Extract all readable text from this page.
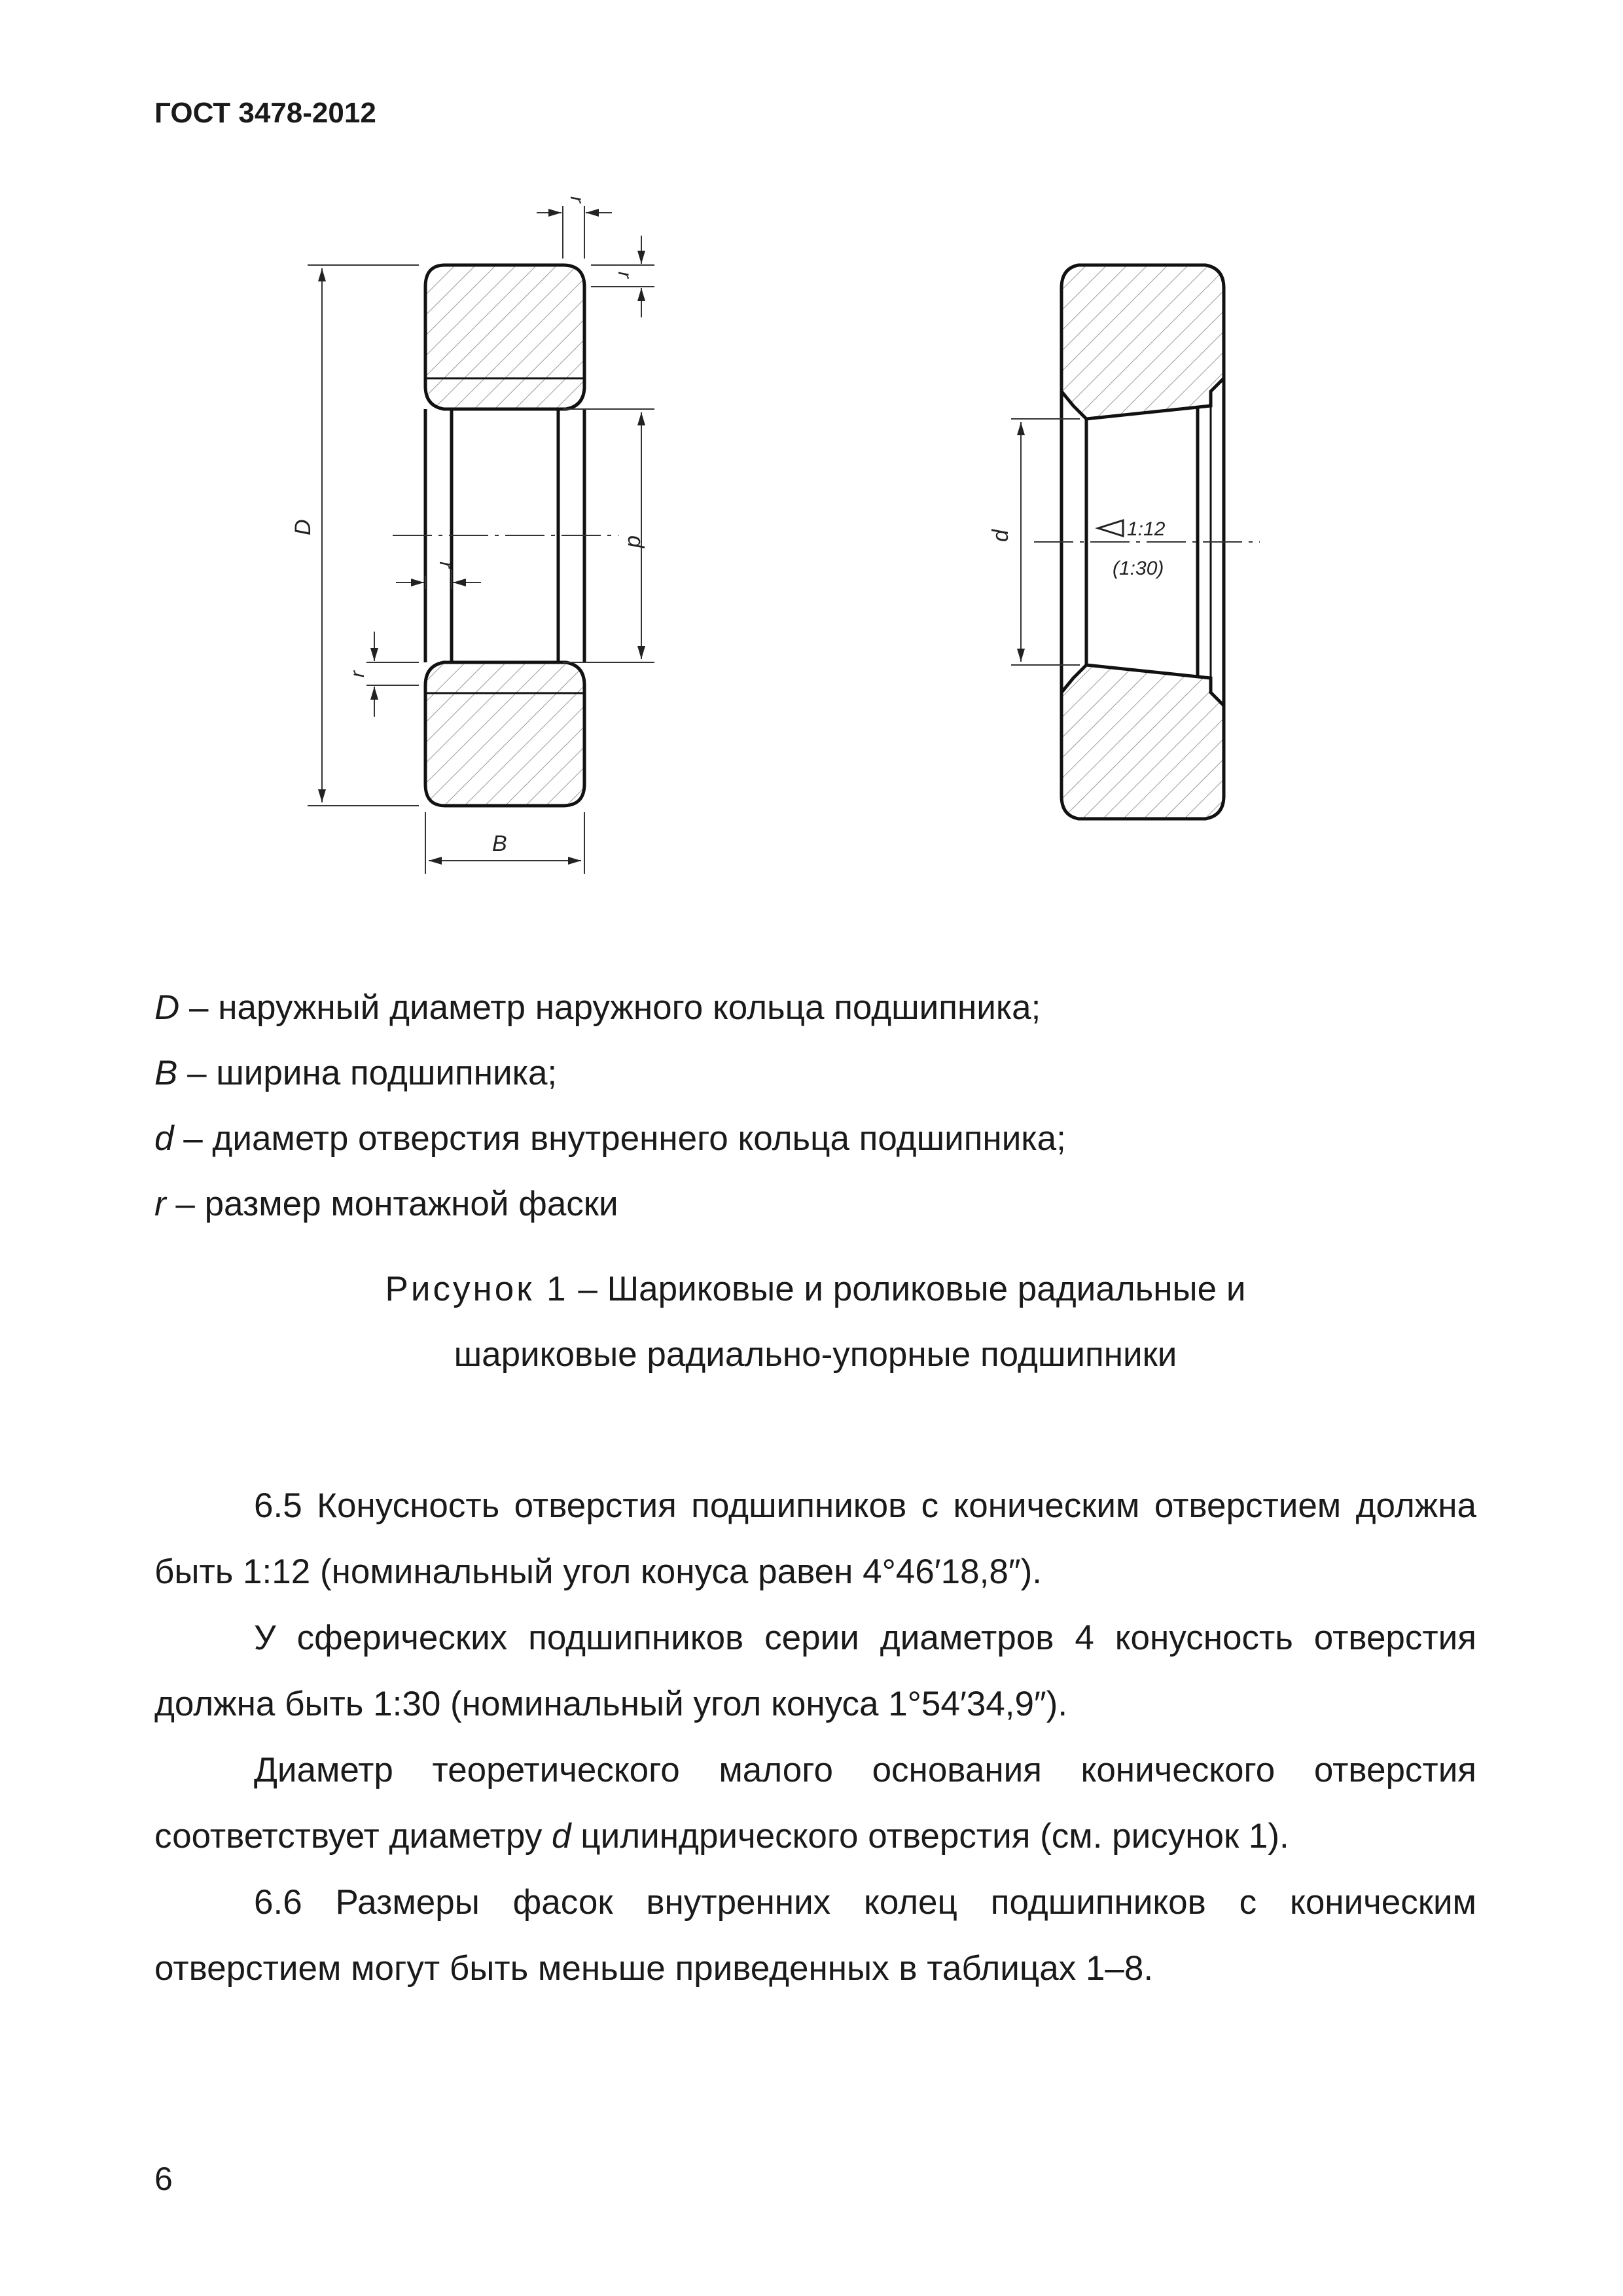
ГОСТ 3478-2012
D
d
B
r
r
r
r
d	1:12
(1:30)
D – наружный диаметр наружного кольца подшипника;
B – ширина подшипника;
d – диаметр отверстия внутреннего кольца подшипника;
r – размер монтажной фаски
Рисунок 1 – Шариковые и роликовые радиальные и
шариковые радиально-упорные подшипники

6.5 Конусность отверстия подшипников с коническим отверстием должна быть 1:12 (номинальный угол конуса равен 4°46′18,8″).

У сферических подшипников серии диаметров 4 конусность отверстия должна быть 1:30 (номинальный угол конуса 1°54′34,9″).

Диаметр теоретического малого основания конического отверстия соответствует диаметру d цилиндрического отверстия (см. рисунок 1).

6.6 Размеры фасок внутренних колец подшипников с коническим отверстием могут быть меньше приведенных в таблицах 1–8.

6
